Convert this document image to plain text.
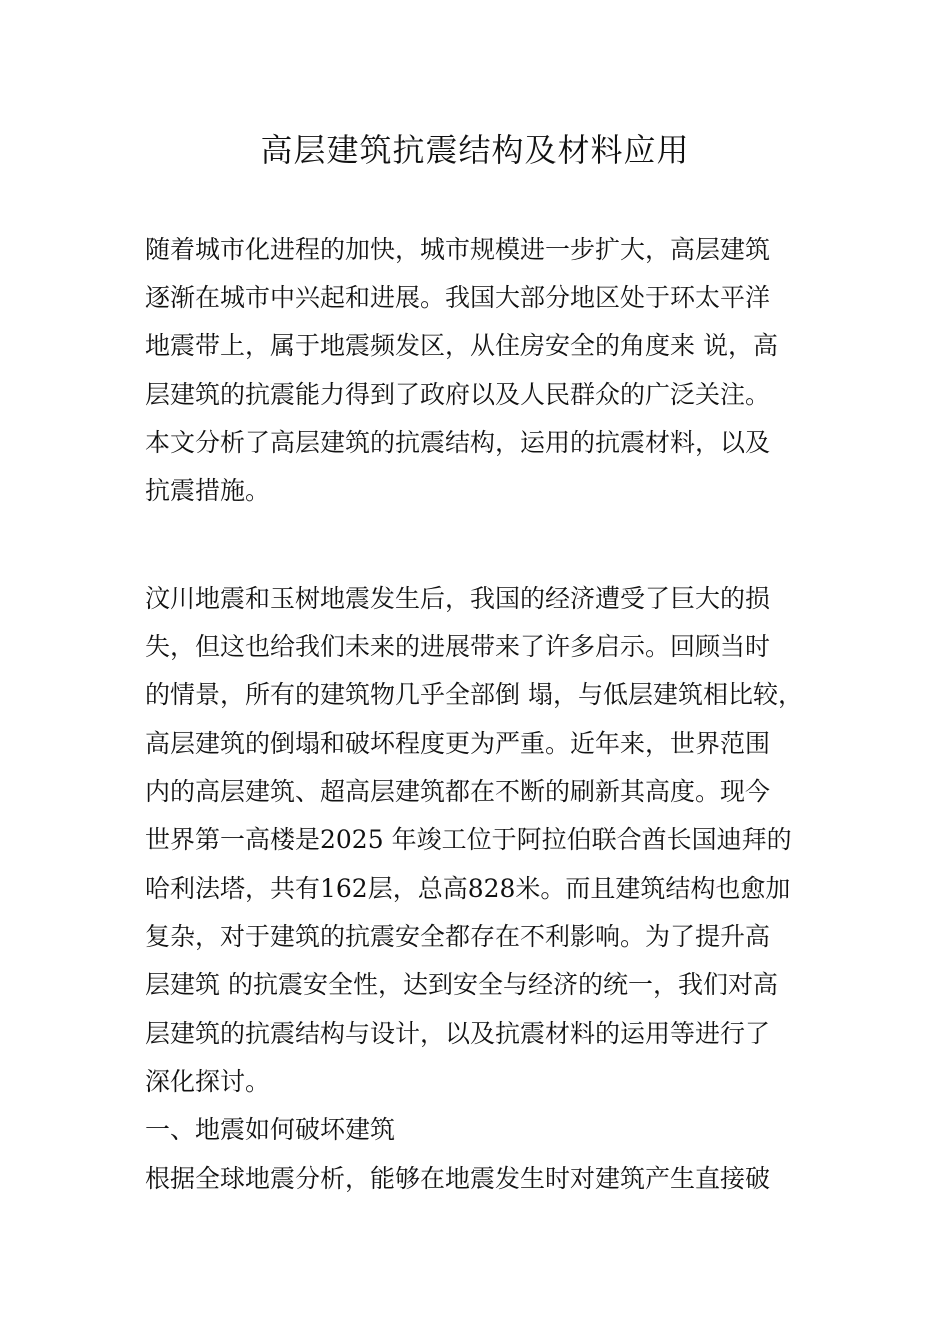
高层建筑抗震结构及材料应用

随着城市化进程的加快，城市规模进一步扩大，高层建筑

逐渐在城市中兴起和进展。我国大部分地区处于环太平洋

地震带上，属于地震频发区，从住房安全的角度来 说，高

层建筑的抗震能力得到了政府以及人民群众的广泛关注。

本文分析了高层建筑的抗震结构，运用的抗震材料，以及

抗震措施。

汶川地震和玉树地震发生后，我国的经济遭受了巨大的损

失，但这也给我们未来的进展带来了许多启示。回顾当时

的情景，所有的建筑物几乎全部倒 塌，与低层建筑相比较，

高层建筑的倒塌和破坏程度更为严重。近年来，世界范围

内的高层建筑、超高层建筑都在不断的刷新其高度。现今

世界第一高楼是2025 年竣工位于阿拉伯联合酋长国迪拜的

哈利法塔，共有162层，总高828米。而且建筑结构也愈加

复杂，对于建筑的抗震安全都存在不利影响。为了提升高

层建筑 的抗震安全性，达到安全与经济的统一，我们对高

层建筑的抗震结构与设计，以及抗震材料的运用等进行了

深化探讨。

一、地震如何破坏建筑

根据全球地震分析，能够在地震发生时对建筑产生直接破
